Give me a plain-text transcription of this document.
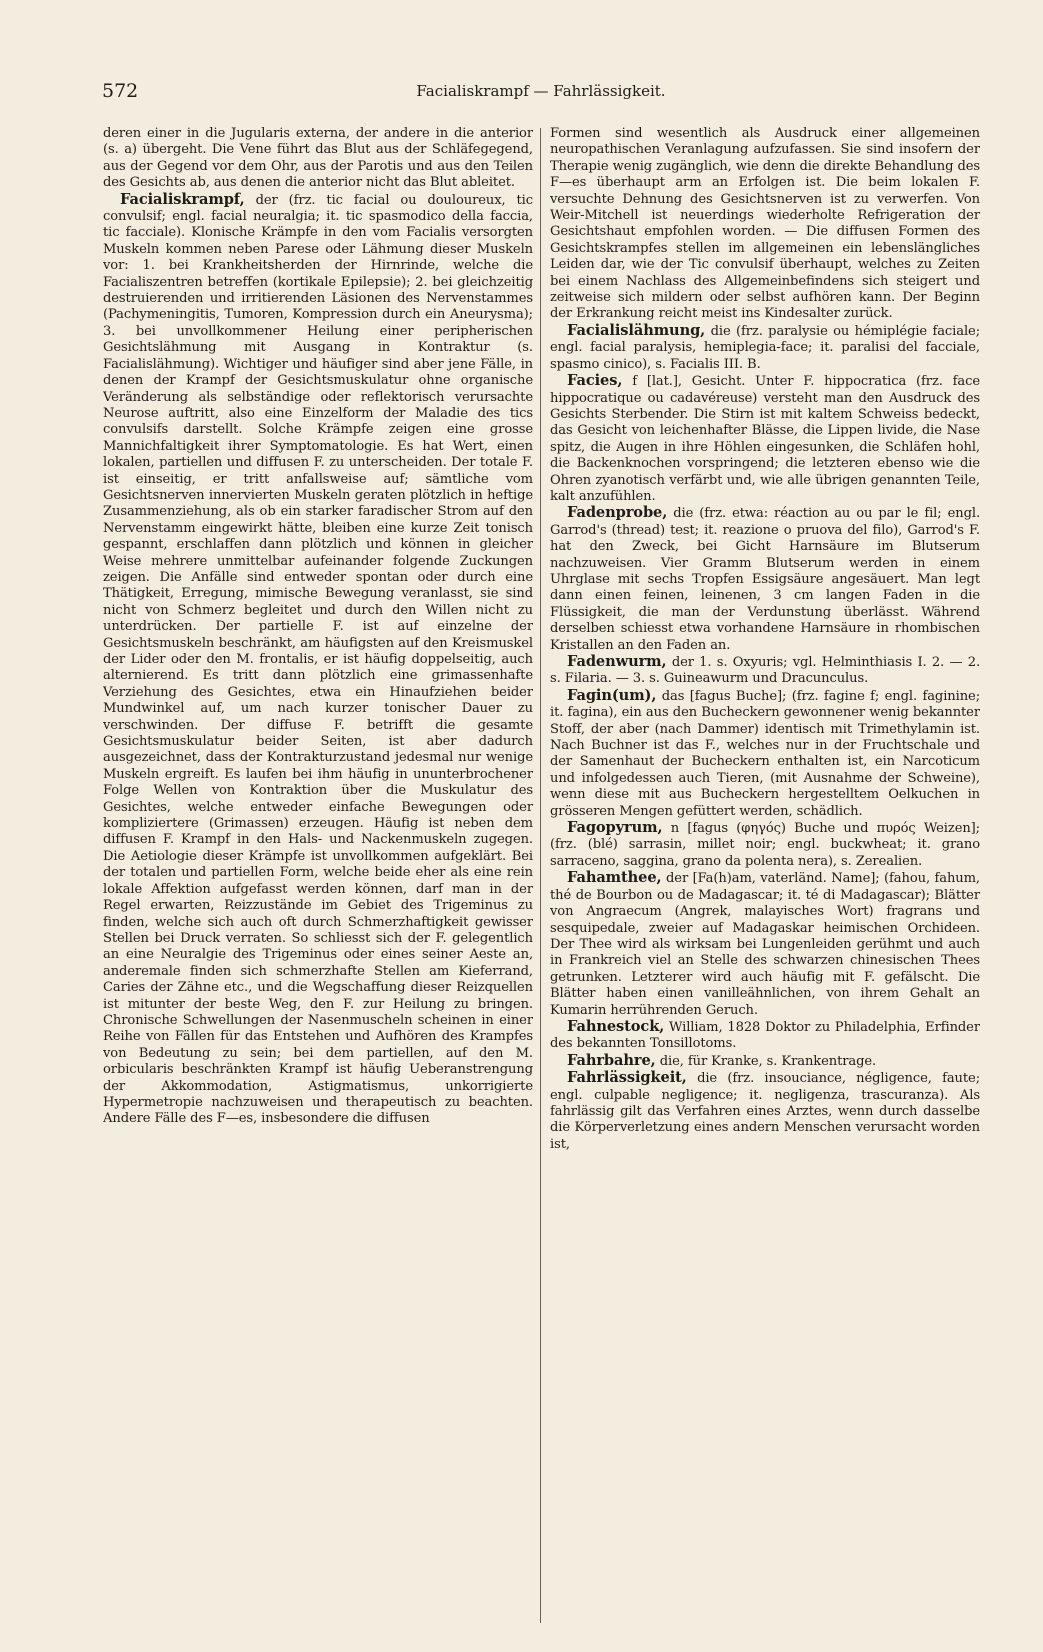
572	Facialiskrampf — Fahrlässigkeit.

deren einer in die Jugularis externa, der andere in die anterior (s. a) übergeht. Die Vene führt das Blut aus der Schläfegegend, aus der Gegend vor dem Ohr, aus der Parotis und aus den Teilen des Gesichts ab, aus denen die anterior nicht das Blut ableitet.

Facialiskrampf, der (frz. tic facial ou douloureux, tic convulsif; engl. facial neuralgia; it. tic spasmodico della faccia, tic facciale). Klonische Krämpfe in den vom Facialis versorgten Muskeln kommen neben Parese oder Lähmung dieser Muskeln vor: 1. bei Krankheitsherden der Hirnrinde, welche die Facialiszentren betreffen (kortikale Epilepsie); 2. bei gleichzeitig destruierenden und irritierenden Läsionen des Nervenstammes (Pachymeningitis, Tumoren, Kompression durch ein Aneurysma); 3. bei unvollkommener Heilung einer peripherischen Gesichtslähmung mit Ausgang in Kontraktur (s. Facialislähmung). Wichtiger und häufiger sind aber jene Fälle, in denen der Krampf der Gesichtsmuskulatur ohne organische Veränderung als selbständige oder reflektorisch verursachte Neurose auftritt, also eine Einzelform der Maladie des tics convulsifs darstellt. Solche Krämpfe zeigen eine grosse Mannichfaltigkeit ihrer Symptomatologie. Es hat Wert, einen lokalen, partiellen und diffusen F. zu unterscheiden. Der totale F. ist einseitig, er tritt anfallsweise auf; sämtliche vom Gesichtsnerven innervierten Muskeln geraten plötzlich in heftige Zusammenziehung, als ob ein starker faradischer Strom auf den Nervenstamm eingewirkt hätte, bleiben eine kurze Zeit tonisch gespannt, erschlaffen dann plötzlich und können in gleicher Weise mehrere unmittelbar aufeinander folgende Zuckungen zeigen. Die Anfälle sind entweder spontan oder durch eine Thätigkeit, Erregung, mimische Bewegung veranlasst, sie sind nicht von Schmerz begleitet und durch den Willen nicht zu unterdrücken. Der partielle F. ist auf einzelne der Gesichtsmuskeln beschränkt, am häufigsten auf den Kreismuskel der Lider oder den M. frontalis, er ist häufig doppelseitig, auch alternierend. Es tritt dann plötzlich eine grimassenhafte Verziehung des Gesichtes, etwa ein Hinaufziehen beider Mundwinkel auf, um nach kurzer tonischer Dauer zu verschwinden. Der diffuse F. betrifft die gesamte Gesichtsmuskulatur beider Seiten, ist aber dadurch ausgezeichnet, dass der Kontrakturzustand jedesmal nur wenige Muskeln ergreift. Es laufen bei ihm häufig in ununterbrochener Folge Wellen von Kontraktion über die Muskulatur des Gesichtes, welche entweder einfache Bewegungen oder kompliziertere (Grimassen) erzeugen. Häufig ist neben dem diffusen F. Krampf in den Hals- und Nackenmuskeln zugegen. Die Aetiologie dieser Krämpfe ist unvollkommen aufgeklärt. Bei der totalen und partiellen Form, welche beide eher als eine rein lokale Affektion aufgefasst werden können, darf man in der Regel erwarten, Reizzustände im Gebiet des Trigeminus zu finden, welche sich auch oft durch Schmerzhaftigkeit gewisser Stellen bei Druck verraten. So schliesst sich der F. gelegentlich an eine Neuralgie des Trigeminus oder eines seiner Aeste an, anderemale finden sich schmerzhafte Stellen am Kieferrand, Caries der Zähne etc., und die Wegschaffung dieser Reizquellen ist mitunter der beste Weg, den F. zur Heilung zu bringen. Chronische Schwellungen der Nasenmuscheln scheinen in einer Reihe von Fällen für das Entstehen und Aufhören des Krampfes von Bedeutung zu sein; bei dem partiellen, auf den M. orbicularis beschränkten Krampf ist häufig Ueberanstrengung der Akkommodation, Astigmatismus, unkorrigierte Hypermetropie nachzuweisen und therapeutisch zu beachten. Andere Fälle des F—es, insbesondere die diffusen

Formen sind wesentlich als Ausdruck einer allgemeinen neuropathischen Veranlagung aufzufassen. Sie sind insofern der Therapie wenig zugänglich, wie denn die direkte Behandlung des F—es überhaupt arm an Erfolgen ist. Die beim lokalen F. versuchte Dehnung des Gesichtsnerven ist zu verwerfen. Von Weir-Mitchell ist neuerdings wiederholte Refrigeration der Gesichtshaut empfohlen worden. — Die diffusen Formen des Gesichtskrampfes stellen im allgemeinen ein lebenslängliches Leiden dar, wie der Tic convulsif überhaupt, welches zu Zeiten bei einem Nachlass des Allgemeinbefindens sich steigert und zeitweise sich mildern oder selbst aufhören kann. Der Beginn der Erkrankung reicht meist ins Kindesalter zurück.

Facialislähmung, die (frz. paralysie ou hémiplégie faciale; engl. facial paralysis, hemiplegia-face; it. paralisi del facciale, spasmo cinico), s. Facialis III. B.

Facies, f [lat.], Gesicht. Unter F. hippocratica (frz. face hippocratique ou cadavéreuse) versteht man den Ausdruck des Gesichts Sterbender. Die Stirn ist mit kaltem Schweiss bedeckt, das Gesicht von leichenhafter Blässe, die Lippen livide, die Nase spitz, die Augen in ihre Höhlen eingesunken, die Schläfen hohl, die Backenknochen vorspringend; die letzteren ebenso wie die Ohren zyanotisch verfärbt und, wie alle übrigen genannten Teile, kalt anzufühlen.

Fadenprobe, die (frz. etwa: réaction au ou par le fil; engl. Garrod's (thread) test; it. reazione o pruova del filo), Garrod's F. hat den Zweck, bei Gicht Harnsäure im Blutserum nachzuweisen. Vier Gramm Blutserum werden in einem Uhrglase mit sechs Tropfen Essigsäure angesäuert. Man legt dann einen feinen, leinenen, 3 cm langen Faden in die Flüssigkeit, die man der Verdunstung überlässt. Während derselben schiesst etwa vorhandene Harnsäure in rhombischen Kristallen an den Faden an.

Fadenwurm, der 1. s. Oxyuris; vgl. Helminthiasis I. 2. — 2. s. Filaria. — 3. s. Guineawurm und Dracunculus.

Fagin(um), das [fagus Buche]; (frz. fagine f; engl. faginine; it. fagina), ein aus den Bucheckern gewonnener wenig bekannter Stoff, der aber (nach Dammer) identisch mit Trimethylamin ist. Nach Buchner ist das F., welches nur in der Fruchtschale und der Samenhaut der Bucheckern enthalten ist, ein Narcoticum und infolgedessen auch Tieren, (mit Ausnahme der Schweine), wenn diese mit aus Bucheckern hergestelltem Oelkuchen in grösseren Mengen gefüttert werden, schädlich.

Fagopyrum, n [fagus (φηγός) Buche und πυρός Weizen]; (frz. (blé) sarrasin, millet noir; engl. buckwheat; it. grano sarraceno, saggina, grano da polenta nera), s. Zerealien.

Fahamthee, der [Fa(h)am, vaterländ. Name]; (fahou, fahum, thé de Bourbon ou de Madagascar; it. té di Madagascar); Blätter von Angraecum (Angrek, malayisches Wort) fragrans und sesquipedale, zweier auf Madagaskar heimischen Orchideen. Der Thee wird als wirksam bei Lungenleiden gerühmt und auch in Frankreich viel an Stelle des schwarzen chinesischen Thees getrunken. Letzterer wird auch häufig mit F. gefälscht. Die Blätter haben einen vanilleähnlichen, von ihrem Gehalt an Kumarin herrührenden Geruch.

Fahnestock, William, 1828 Doktor zu Philadelphia, Erfinder des bekannten Tonsillotoms.

Fahrbahre, die, für Kranke, s. Krankentrage.

Fahrlässigkeit, die (frz. insouciance, négligence, faute; engl. culpable negligence; it. negligenza, trascuranza). Als fahrlässig gilt das Verfahren eines Arztes, wenn durch dasselbe die Körperverletzung eines andern Menschen verursacht worden ist,
